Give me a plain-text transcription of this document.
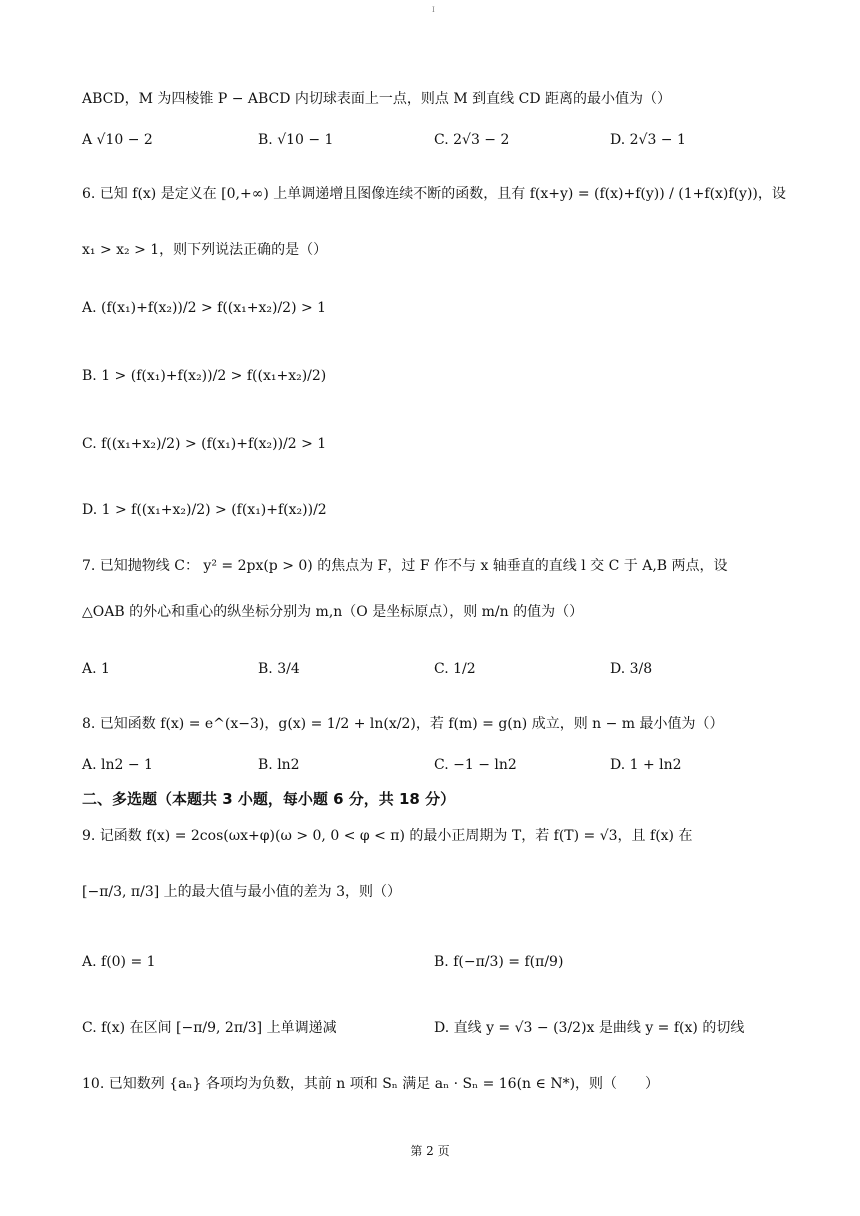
I
ABCD，M 为四棱锥 P − ABCD 内切球表面上一点，则点 M 到直线 CD 距离的最小值为（）
A √10 − 2	B. √10 − 1	C. 2√3 − 2	D. 2√3 − 1
6. 已知 f(x) 是定义在 [0,+∞) 上单调递增且图像连续不断的函数，且有 f(x+y) = (f(x)+f(y)) / (1+f(x)f(y))，设
x₁ > x₂ > 1，则下列说法正确的是（）
A. (f(x₁)+f(x₂))/2 > f((x₁+x₂)/2) > 1
B. 1 > (f(x₁)+f(x₂))/2 > f((x₁+x₂)/2)
C. f((x₁+x₂)/2) > (f(x₁)+f(x₂))/2 > 1
D. 1 > f((x₁+x₂)/2) > (f(x₁)+f(x₂))/2
7. 已知抛物线 C： y² = 2px(p > 0) 的焦点为 F，过 F 作不与 x 轴垂直的直线 l 交 C 于 A,B 两点，设
△OAB 的外心和重心的纵坐标分别为 m,n（O 是坐标原点），则 m/n 的值为（）
A. 1	B. 3/4	C. 1/2	D. 3/8
8. 已知函数 f(x) = e^(x−3)，g(x) = 1/2 + ln(x/2)，若 f(m) = g(n) 成立，则 n − m 最小值为（）
A. ln2 − 1	B. ln2	C. −1 − ln2	D. 1 + ln2
二、多选题（本题共 3 小题，每小题 6 分，共 18 分）
9. 记函数 f(x) = 2cos(ωx+φ)(ω > 0, 0 < φ < π) 的最小正周期为 T，若 f(T) = √3，且 f(x) 在
[−π/3, π/3] 上的最大值与最小值的差为 3，则（）
A. f(0) = 1	B. f(−π/3) = f(π/9)
C. f(x) 在区间 [−π/9, 2π/3] 上单调递减	D. 直线 y = √3 − (3/2)x 是曲线 y = f(x) 的切线
10. 已知数列 {aₙ} 各项均为负数，其前 n 项和 Sₙ 满足 aₙ · Sₙ = 16(n ∈ N*)，则（　　）
第 2 页
